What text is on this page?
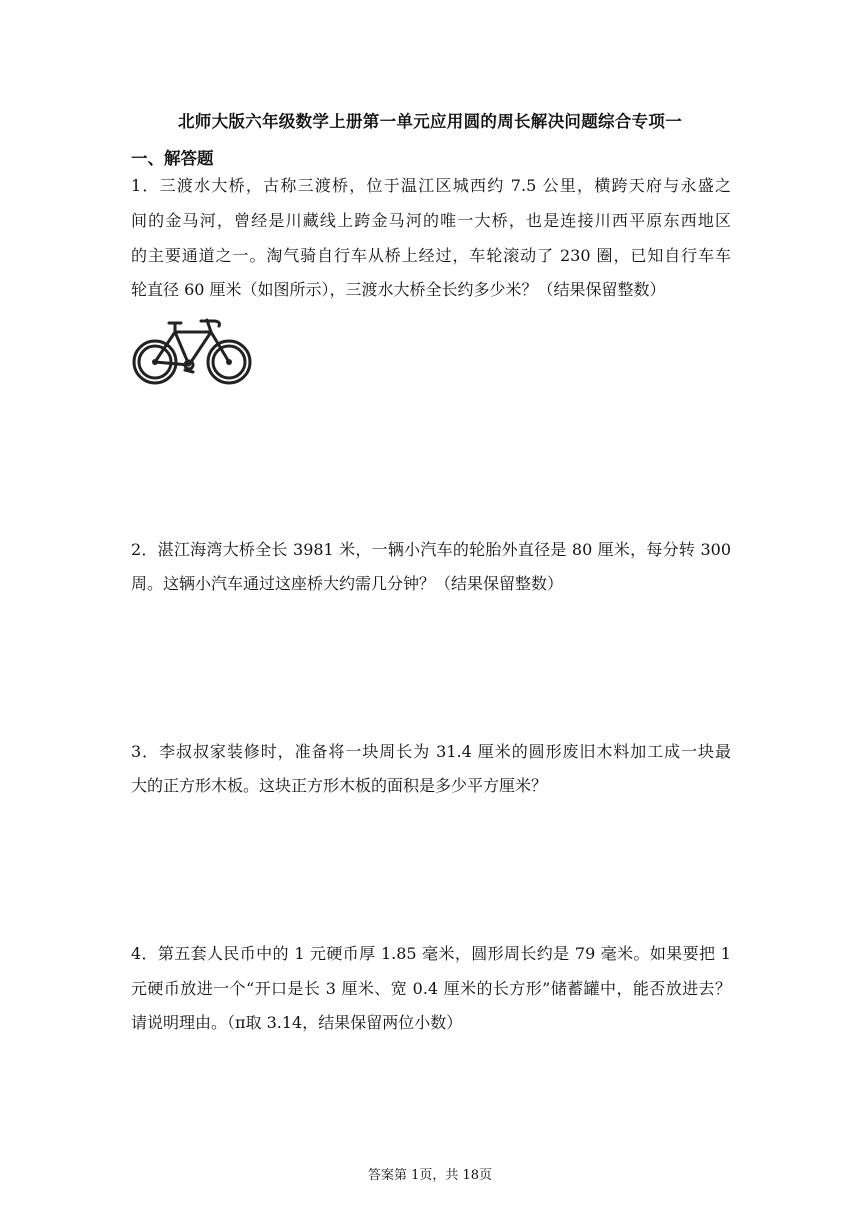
北师大版六年级数学上册第一单元应用圆的周长解决问题综合专项一
一、解答题
1．三渡水大桥，古称三渡桥，位于温江区城西约 7.5 公里，横跨天府与永盛之
间的金马河，曾经是川藏线上跨金马河的唯一大桥，也是连接川西平原东西地区
的主要通道之一。淘气骑自行车从桥上经过，车轮滚动了 230 圈，已知自行车车
轮直径 60 厘米（如图所示），三渡水大桥全长约多少米？（结果保留整数）
2．湛江海湾大桥全长 3981 米，一辆小汽车的轮胎外直径是 80 厘米，每分转 300
周。这辆小汽车通过这座桥大约需几分钟？（结果保留整数）
3．李叔叔家装修时，准备将一块周长为 31.4 厘米的圆形废旧木料加工成一块最
大的正方形木板。这块正方形木板的面积是多少平方厘米？
4．第五套人民币中的 1 元硬币厚 1.85 毫米，圆形周长约是 79 毫米。如果要把 1
元硬币放进一个“开口是长 3 厘米、宽 0.4 厘米的长方形”储蓄罐中，能否放进去？
请说明理由。（π取 3.14，结果保留两位小数）
答案第 1页，共 18页
